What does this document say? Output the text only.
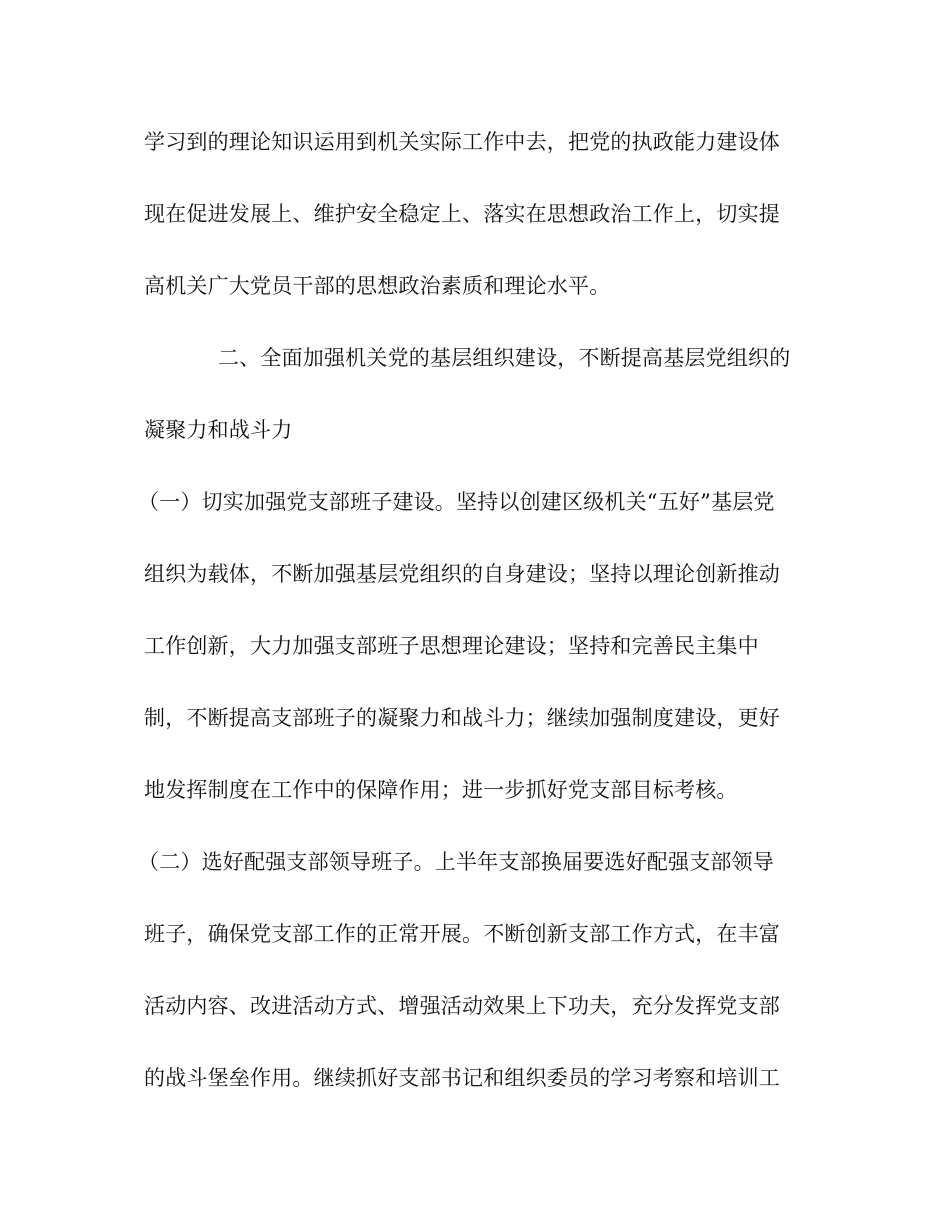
学习到的理论知识运用到机关实际工作中去，把党的执政能力建设体
现在促进发展上、维护安全稳定上、落实在思想政治工作上，切实提
高机关广大党员干部的思想政治素质和理论水平。
二、全面加强机关党的基层组织建设，不断提高基层党组织的
凝聚力和战斗力
（一）切实加强党支部班子建设。坚持以创建区级机关“五好”基层党
组织为载体，不断加强基层党组织的自身建设；坚持以理论创新推动
工作创新，大力加强支部班子思想理论建设；坚持和完善民主集中
制，不断提高支部班子的凝聚力和战斗力；继续加强制度建设，更好
地发挥制度在工作中的保障作用；进一步抓好党支部目标考核。
（二）选好配强支部领导班子。上半年支部换届要选好配强支部领导
班子，确保党支部工作的正常开展。不断创新支部工作方式，在丰富
活动内容、改进活动方式、增强活动效果上下功夫，充分发挥党支部
的战斗堡垒作用。继续抓好支部书记和组织委员的学习考察和培训工
